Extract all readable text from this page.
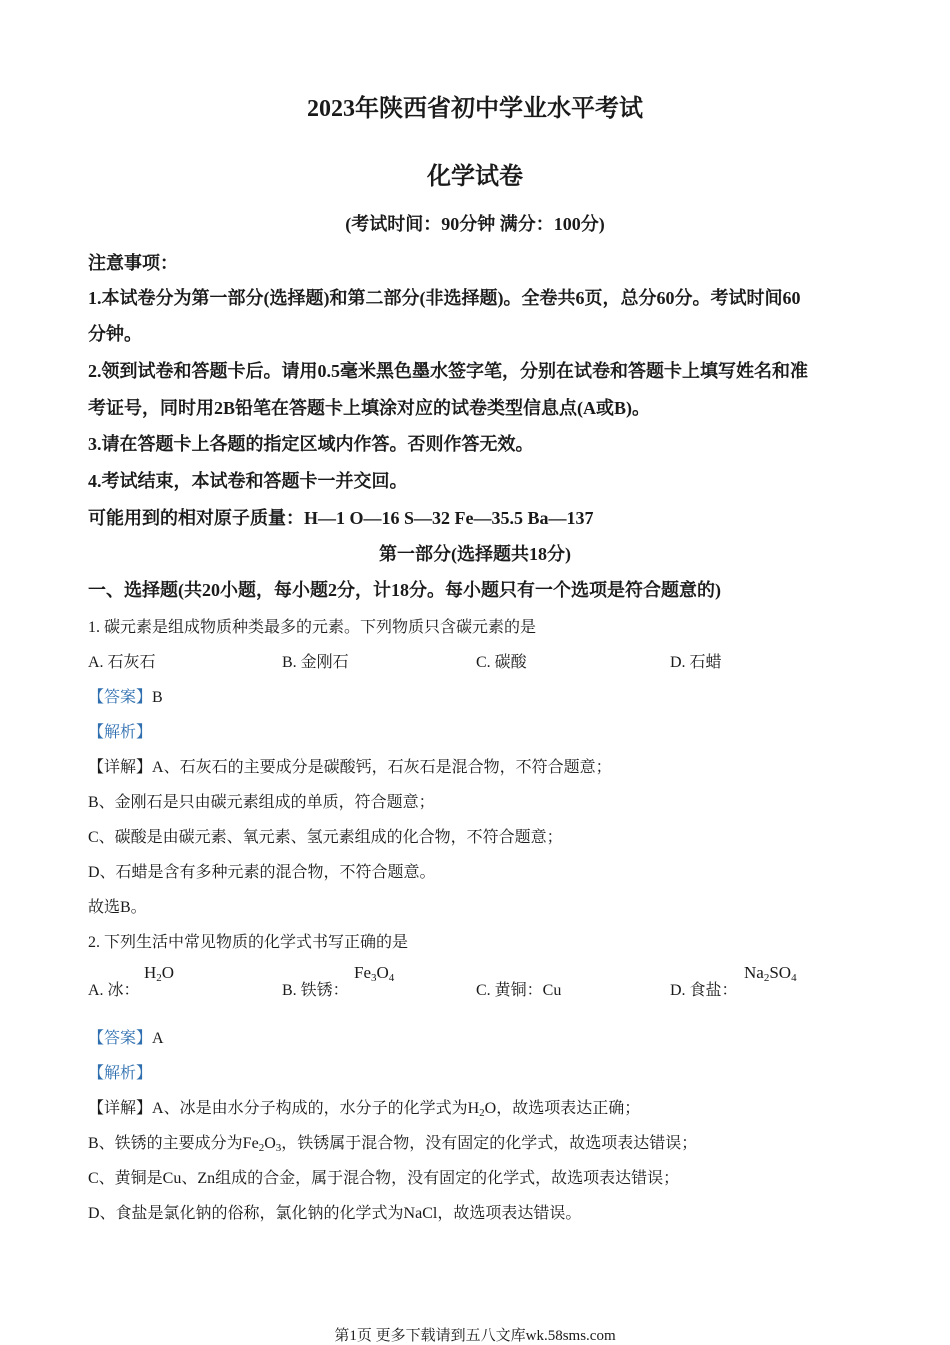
2023年陕西省初中学业水平考试
化学试卷
(考试时间：90分钟 满分：100分)
注意事项：
1.本试卷分为第一部分(选择题)和第二部分(非选择题)。全卷共6页，总分60分。考试时间60
分钟。
2.领到试卷和答题卡后。请用0.5毫米黑色墨水签字笔，分别在试卷和答题卡上填写姓名和准
考证号，同时用2B铅笔在答题卡上填涂对应的试卷类型信息点(A或B)。
3.请在答题卡上各题的指定区域内作答。否则作答无效。
4.考试结束，本试卷和答题卡一并交回。
可能用到的相对原子质量：H—1 O—16 S—32 Fe—35.5 Ba—137
第一部分(选择题共18分)
一、选择题(共20小题，每小题2分，计18分。每小题只有一个选项是符合题意的)
1. 碳元素是组成物质种类最多的元素。下列物质只含碳元素的是
A. 石灰石	B. 金刚石	C. 碳酸	D. 石蜡
【答案】B
【解析】
【详解】A、石灰石的主要成分是碳酸钙，石灰石是混合物，不符合题意；
B、金刚石是只由碳元素组成的单质，符合题意；
C、碳酸是由碳元素、氧元素、氢元素组成的化合物，不符合题意；
D、石蜡是含有多种元素的混合物，不符合题意。
故选B。
2. 下列生活中常见物质的化学式书写正确的是
A. 冰：
$H_2O$
B. 铁锈：
$Fe_3O_4$
C. 黄铜：Cu	D. 食盐：
$Na_2SO_4$
【答案】A
【解析】
【详解】A、冰是由水分子构成的，水分子的化学式为$H_2O$，故选项表达正确；
B、铁锈的主要成分为$Fe_2O_3$，铁锈属于混合物，没有固定的化学式，故选项表达错误；
C、黄铜是Cu、Zn组成的合金，属于混合物，没有固定的化学式，故选项表达错误；
D、食盐是氯化钠的俗称，氯化钠的化学式为NaCl，故选项表达错误。
第1页 更多下载请到五八文库wk.58sms.com
